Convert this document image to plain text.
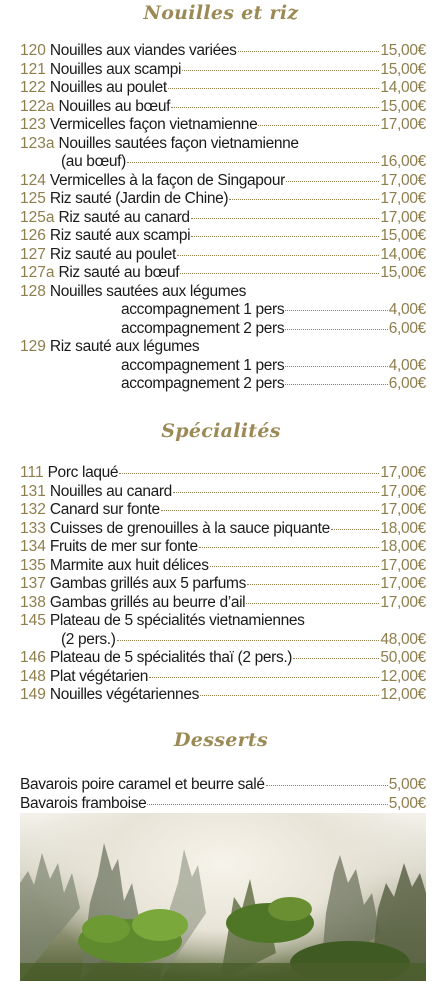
Nouilles et riz
120 Nouilles aux viandes variées	15,00€
121 Nouilles aux scampi	15,00€
122 Nouilles au poulet	14,00€
122a Nouilles au bœuf	15,00€
123 Vermicelles façon vietnamienne	17,00€
123a Nouilles sautées façon vietnamienne
(au bœuf)	16,00€
124 Vermicelles à la façon de Singapour	17,00€
125 Riz sauté (Jardin de Chine)	17,00€
125a Riz sauté au canard	17,00€
126 Riz sauté aux scampi	15,00€
127 Riz sauté au poulet	14,00€
127a Riz sauté au bœuf	15,00€
128 Nouilles sautées aux légumes
accompagnement 1 pers	4,00€
accompagnement 2 pers	6,00€
129 Riz sauté aux légumes
accompagnement 1 pers	4,00€
accompagnement 2 pers	6,00€
Spécialités
111 Porc laqué	17,00€
131 Nouilles au canard	17,00€
132 Canard sur fonte	17,00€
133 Cuisses de grenouilles à la sauce piquante	18,00€
134 Fruits de mer sur fonte	18,00€
135 Marmite aux huit délices	17,00€
137 Gambas grillés aux 5 parfums	17,00€
138 Gambas grillés au beurre d’ail	17,00€
145 Plateau de 5 spécialités vietnamiennes
(2 pers.)	48,00€
146 Plateau de 5 spécialités thaï (2 pers.)	50,00€
148 Plat végétarien	12,00€
149 Nouilles végétariennes	12,00€
Desserts
Bavarois poire caramel et beurre salé	5,00€
Bavarois framboise	5,00€
